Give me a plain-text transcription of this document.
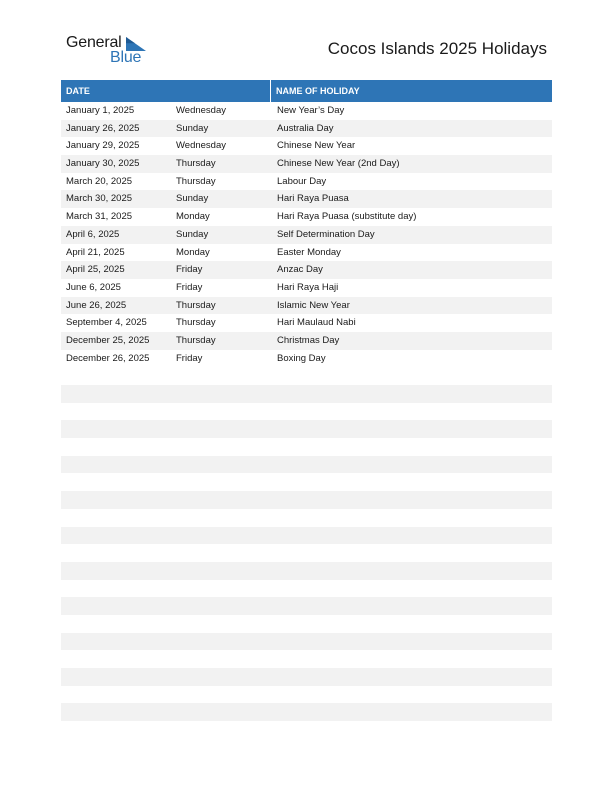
General
Blue	Cocos Islands 2025 Holidays
DATE	NAME OF HOLIDAY
January 1, 2025	Wednesday	New Year’s Day
January 26, 2025	Sunday	Australia Day
January 29, 2025	Wednesday	Chinese New Year
January 30, 2025	Thursday	Chinese New Year (2nd Day)
March 20, 2025	Thursday	Labour Day
March 30, 2025	Sunday	Hari Raya Puasa
March 31, 2025	Monday	Hari Raya Puasa (substitute day)
April 6, 2025	Sunday	Self Determination Day
April 21, 2025	Monday	Easter Monday
April 25, 2025	Friday	Anzac Day
June 6, 2025	Friday	Hari Raya Haji
June 26, 2025	Thursday	Islamic New Year
September 4, 2025	Thursday	Hari Maulaud Nabi
December 25, 2025	Thursday	Christmas Day
December 26, 2025	Friday	Boxing Day
